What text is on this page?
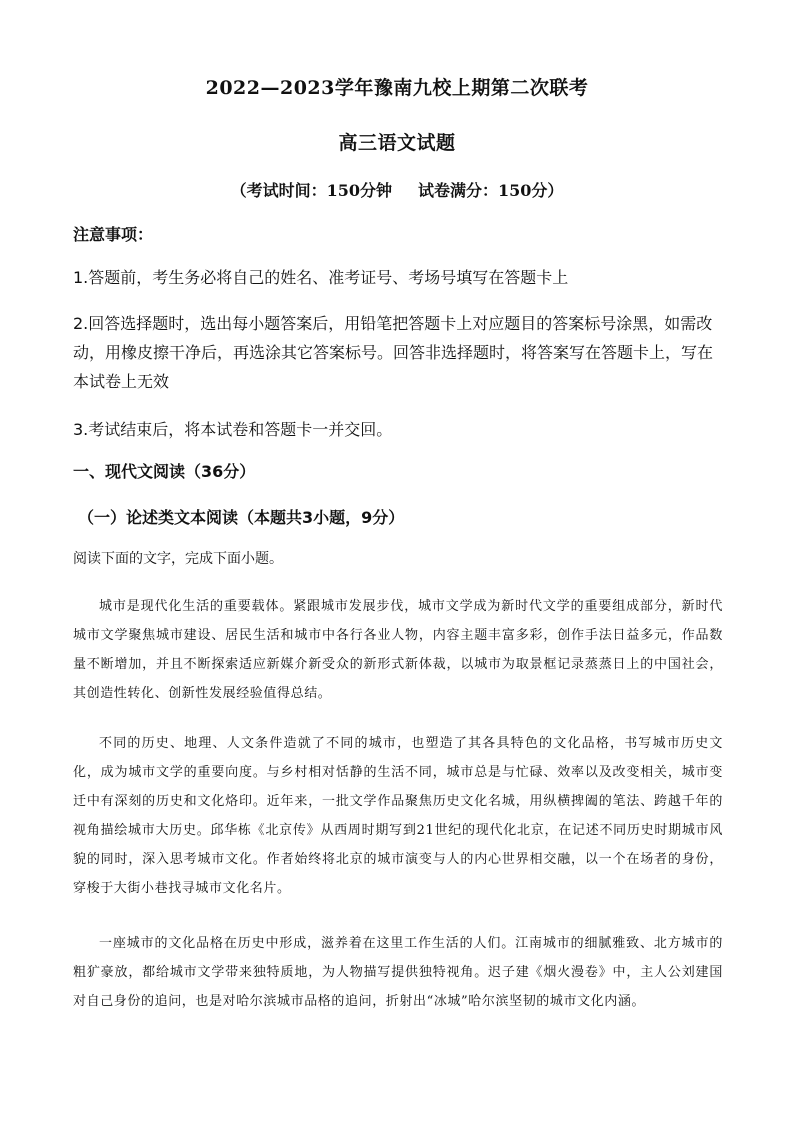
2022—2023学年豫南九校上期第二次联考
高三语文试题
（考试时间：150分钟 试卷满分：150分）
注意事项：
1.答题前，考生务必将自己的姓名、准考证号、考场号填写在答题卡上
2.回答选择题时，选出每小题答案后，用铅笔把答题卡上对应题目的答案标号涂黑，如需改动，用橡皮擦干净后，再选涂其它答案标号。回答非选择题时，将答案写在答题卡上，写在本试卷上无效
3.考试结束后，将本试卷和答题卡一并交回。
一、现代文阅读（36分）
（一）论述类文本阅读（本题共3小题，9分）
阅读下面的文字，完成下面小题。
城市是现代化生活的重要载体。紧跟城市发展步伐，城市文学成为新时代文学的重要组成部分，新时代城市文学聚焦城市建设、居民生活和城市中各行各业人物，内容主题丰富多彩，创作手法日益多元，作品数量不断增加，并且不断探索适应新媒介新受众的新形式新体裁，以城市为取景框记录蒸蒸日上的中国社会，其创造性转化、创新性发展经验值得总结。
不同的历史、地理、人文条件造就了不同的城市，也塑造了其各具特色的文化品格，书写城市历史文化，成为城市文学的重要向度。与乡村相对恬静的生活不同，城市总是与忙碌、效率以及改变相关，城市变迁中有深刻的历史和文化烙印。近年来，一批文学作品聚焦历史文化名城，用纵横捭阖的笔法、跨越千年的视角描绘城市大历史。邱华栋《北京传》从西周时期写到21世纪的现代化北京，在记述不同历史时期城市风貌的同时，深入思考城市文化。作者始终将北京的城市演变与人的内心世界相交融，以一个在场者的身份，穿梭于大街小巷找寻城市文化名片。
一座城市的文化品格在历史中形成，滋养着在这里工作生活的人们。江南城市的细腻雅致、北方城市的粗犷豪放，都给城市文学带来独特质地，为人物描写提供独特视角。迟子建《烟火漫卷》中，主人公刘建国对自己身份的追问，也是对哈尔滨城市品格的追问，折射出“冰城”哈尔滨坚韧的城市文化内涵。
